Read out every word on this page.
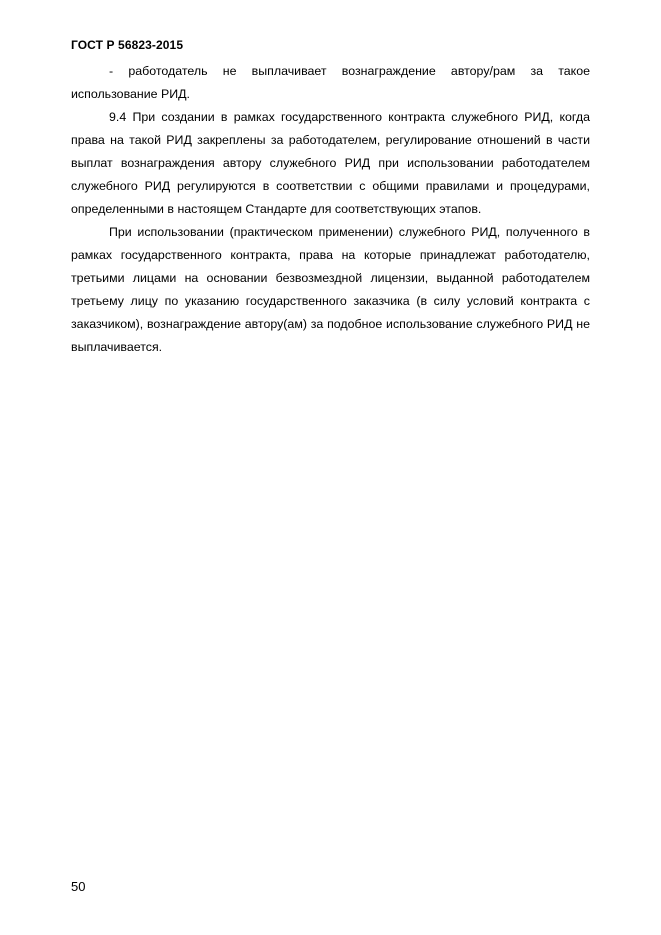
ГОСТ Р 56823-2015

- работодатель не выплачивает вознаграждение автору/рам за такое использование РИД.

9.4 При создании в рамках государственного контракта служебного РИД, когда права на такой РИД закреплены за работодателем, регулирование отношений в части выплат вознаграждения автору служебного РИД при использовании работодателем служебного РИД регулируются в соответствии с общими правилами и процедурами, определенными в настоящем Стандарте для соответствующих этапов.

При использовании (практическом применении) служебного РИД, полученного в рамках государственного контракта, права на которые принадлежат работодателю, третьими лицами на основании безвозмездной лицензии, выданной работодателем третьему лицу по указанию государственного заказчика (в силу условий контракта с заказчиком), вознаграждение автору(ам) за подобное использование служебного РИД не выплачивается.

50
